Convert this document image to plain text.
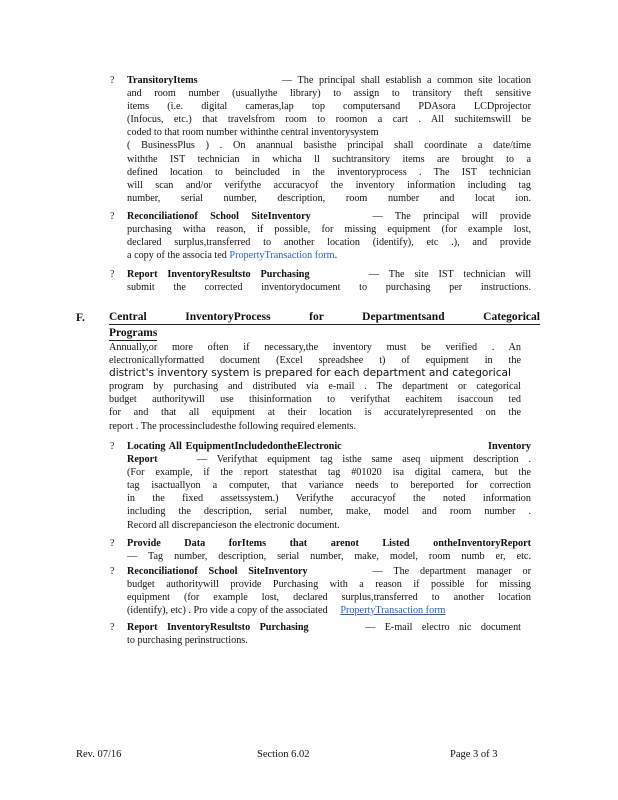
? TransitoryItems	— The principal shall establish a common site location
and room number (usuallythe library) to assign to transitory theft sensitive
items (i.e. digital cameras,lap top computersand PDAsora LCDprojector
(Infocus, etc.) that travelsfrom room to roomon a cart . All suchitemswill be
coded to that room number withinthe central inventorysystem
( BusinessPlus ) . On anannual basisthe principal shall coordinate a date/time
withthe IST technician in whicha ll suchtransitory items are brought to a
defined location to beincluded in the inventoryprocess . The IST technician
will scan and/or verifythe accuracyof the inventory information including tag
number, serial number, description, room number and locat ion.
? Reconciliationof School SiteInventory	— The principal will provide
purchasing witha reason, if possible, for missing equipment (for example lost,
declared surplus,transferred to another location (identify), etc .), and provide
a copy of the associa ted PropertyTransaction form.
? Report InventoryResultsto Purchasing	— The site IST technician will
submit the corrected inventorydocument to purchasing per instructions.
F. Central InventoryProcess for Departmentsand Categorical
Programs
Annually,or more often if necessary,the inventory must be verified . An
electronicallyformatted document (Excel spreadshee t) of equipment in the
district's inventory system is prepared for each department and categorical
program by purchasing and distributed via e-mail . The department or categorical
budget authoritywill use thisinformation to verifythat eachitem isaccoun ted
for and that all equipment at their location is accuratelyrepresented on the
report . The processincludesthe following required elements.
? Locating All EquipmentIncludedontheElectronic	Inventory
Report	— Verifythat equipment tag isthe same aseq uipment description .
(For example, if the report statesthat tag #01020 isa digital camera, but the
tag isactuallyon a computer, that variance needs to bereported for correction
in the fixed assetssystem.) Verifythe accuracyof the noted information
including the description, serial number, make, model and room number .
Record all discrepancieson the electronic document.
? Provide Data forItems that arenot Listed ontheInventoryReport
— Tag number, description, serial number, make, model, room numb er, etc.
? Reconciliationof School SiteInventory	— The department manager or
budget authoritywill provide Purchasing with a reason if possible for missing
equipment (for example lost, declared surplus,transferred to another location
(identify), etc) . Pro vide a copy of the associated PropertyTransaction form
? Report InventoryResultsto Purchasing	— E-mail electro nic document
to purchasing perinstructions.
Rev. 07/16	Section 6.02	Page 3 of 3
